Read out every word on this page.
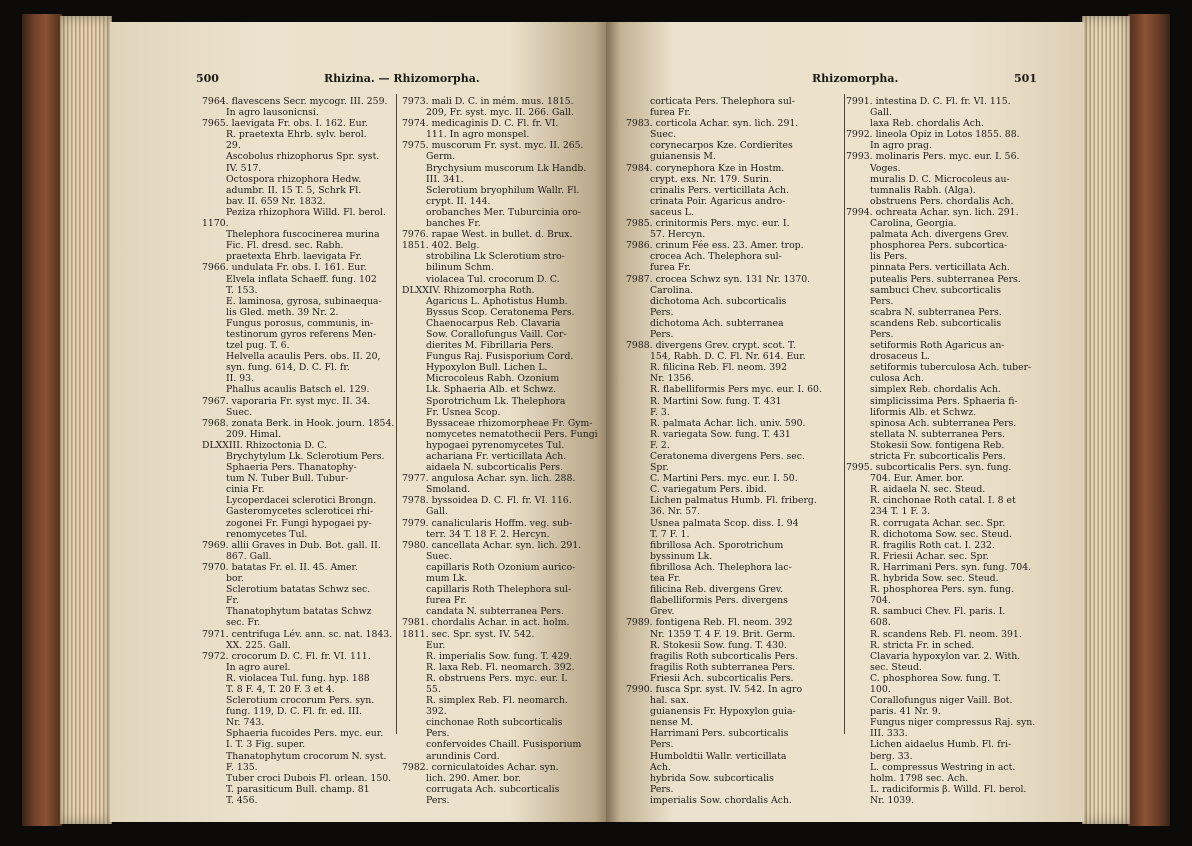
500	Rhizina. — Rhizomorpha.
7964. flavescens Secr. mycogr. III. 259.
In agro lausonicnsi.
7965. laevigata Fr. obs. I. 162. Eur.
R. praetexta Ehrb. sylv. berol.
29.
Ascobolus rhizophorus Spr. syst.
IV. 517.
Octospora rhizophora Hedw.
adumbr. II. 15 T. 5, Schrk Fl.
bav. II. 659 Nr. 1832.
Peziza rhizophora Willd. Fl. berol.
1170.
Thelephora fuscocinerea murina
Fic. Fl. dresd. sec. Rabh.
praetexta Ehrb. laevigata Fr.
7966. undulata Fr. obs. I. 161. Eur.
Elvela inflata Schaeff. fung. 102
T. 153.
E. laminosa, gyrosa, subinaequa-
lis Gled. meth. 39 Nr. 2.
Fungus porosus, communis, in-
testinorum gyros referens Men-
tzel pug. T. 6.
Helvella acaulis Pers. obs. II. 20,
syn. fung. 614, D. C. Fl. fr.
II. 93.
Phallus acaulis Batsch el. 129.
7967. vaporaria Fr. syst myc. II. 34.
Suec.
7968. zonata Berk. in Hook. journ. 1854.
209. Himal.
DLXXIII. Rhizoctonia D. C.
Brychytylum Lk. Sclerotium Pers.
Sphaeria Pers. Thanatophy-
tum N. Tuber Bull. Tubur-
cinia Fr.
Lycoperdacei sclerotici Brongn.
Gasteromycetes scleroticei rhi-
zogonei Fr. Fungi hypogaei py-
renomycetes Tul.
7969. allii Graves in Dub. Bot. gall. II.
867. Gall.
7970. batatas Fr. el. II. 45. Amer.
bor.
Sclerotium batatas Schwz sec.
Fr.
Thanatophytum batatas Schwz
sec. Fr.
7971. centrifuga Lév. ann. sc. nat. 1843.
XX. 225. Gall.
7972. crocorum D. C. Fl. fr. VI. 111.
In agro aurel.
R. violacea Tul. fung. hyp. 188
T. 8 F. 4, T. 20 F. 3 et 4.
Sclerotium crocorum Pers. syn.
fung. 119, D. C. Fl. fr. ed. III.
Nr. 743.
Sphaeria fucoides Pers. myc. eur.
I. T. 3 Fig. super.
Thanatophytum crocorum N. syst.
F. 135.
Tuber croci Dubois Fl. orlean. 150.
T. parasiticum Bull. champ. 81
T. 456.
7973. mali D. C. in mém. mus. 1815.
209, Fr. syst. myc. II. 266. Gall.
7974. medicaginis D. C. Fl. fr. VI.
111. In agro monspel.
7975. muscorum Fr. syst. myc. II. 265.
Germ.
Brychysium muscorum Lk Handb.
III. 341.
Sclerotium bryophilum Wallr. Fl.
crypt. II. 144.
orobanches Mer. Tuburcinia oro-
banches Fr.
7976. rapae West. in bullet. d. Brux.
1851. 402. Belg.
strobilina Lk Sclerotium stro-
bilinum Schm.
violacea Tul. crocorum D. C.
DLXXIV. Rhizomorpha Roth.
Agaricus L. Aphotistus Humb.
Byssus Scop. Ceratonema Pers.
Chaenocarpus Reb. Clavaria
Sow. Corallofungus Vaill. Cor-
dierites M. Fibrillaria Pers.
Fungus Raj. Fusisporium Cord.
Hypoxylon Bull. Lichen L.
Microcoleus Rabh. Ozonium
Lk. Sphaeria Alb. et Schwz.
Sporotrichum Lk. Thelephora
Fr. Usnea Scop.
Byssaceae rhizomorpheae Fr. Gym-
nomycetes nematothecii Pers. Fungi
hypogaei pyrenomycetes Tul.
achariana Fr. verticillata Ach.
aidaela N. subcorticalis Pers.
7977. angulosa Achar. syn. lich. 288.
Smoland.
7978. byssoidea D. C. Fl. fr. VI. 116.
Gall.
7979. canalicularis Hoffm. veg. sub-
terr. 34 T. 18 F. 2. Hercyn.
7980. cancellata Achar. syn. lich. 291.
Suec.
capillaris Roth Ozonium aurico-
mum Lk.
capillaris Roth Thelephora sul-
furea Fr.
candata N. subterranea Pers.
7981. chordalis Achar. in act. holm.
1811. sec. Spr. syst. IV. 542.
Eur.
R. imperialis Sow. fung. T. 429.
R. laxa Reb. Fl. neomarch. 392.
R. obstruens Pers. myc. eur. I.
55.
R. simplex Reb. Fl. neomarch.
392.
cinchonae Roth subcorticalis
Pers.
confervoides Chaill. Fusisporium
arundinis Cord.
7982. corniculatoides Achar. syn.
lich. 290. Amer. bor.
corrugata Ach. subcorticalis
Pers.
Rhizomorpha.	501
corticata Pers. Thelephora sul-
furea Fr.
7983. corticola Achar. syn. lich. 291.
Suec.
corynecarpos Kze. Cordierites
guianensis M.
7984. corynephora Kze in Hostm.
crypt. exs. Nr. 179. Surin.
crinalis Pers. verticillata Ach.
crinata Poir. Agaricus andro-
saceus L.
7985. crinitormis Pers. myc. eur. I.
57. Hercyn.
7986. crinum Fée ess. 23. Amer. trop.
crocea Ach. Thelephora sul-
furea Fr.
7987. crocea Schwz syn. 131 Nr. 1370.
Carolina.
dichotoma Ach. subcorticalis
Pers.
dichotoma Ach. subterranea
Pers.
7988. divergens Grev. crypt. scot. T.
154, Rabh. D. C. Fl. Nr. 614. Eur.
R. filicina Reb. Fl. neom. 392
Nr. 1356.
R. flabelliformis Pers myc. eur. I. 60.
R. Martini Sow. fung. T. 431
F. 3.
R. palmata Achar. lich. univ. 590.
R. variegata Sow. fung. T. 431
F. 2.
Ceratonema divergens Pers. sec.
Spr.
C. Martini Pers. myc. eur. I. 50.
C. variegatum Pers. ibid.
Lichen palmatus Humb. Fl. friberg.
36. Nr. 57.
Usnea palmata Scop. diss. I. 94
T. 7 F. 1.
fibrillosa Ach. Sporotrichum
byssinum Lk.
fibrillosa Ach. Thelephora lac-
tea Fr.
filicina Reb. divergens Grev.
flabelliformis Pers. divergens
Grev.
7989. fontigena Reb. Fl. neom. 392
Nr. 1359 T. 4 F. 19. Brit. Germ.
R. Stokesii Sow. fung. T. 430.
fragilis Roth subcorticalis Pers.
fragilis Roth subterranea Pers.
Friesii Ach. subcorticalis Pers.
7990. fusca Spr. syst. IV. 542. In agro
hal. sax.
guianensis Fr. Hypoxylon guia-
nense M.
Harrimani Pers. subcorticalis
Pers.
Humboldtii Wallr. verticillata
Ach.
hybrida Sow. subcorticalis
Pers.
imperialis Sow. chordalis Ach.
7991. intestina D. C. Fl. fr. VI. 115.
Gall.
laxa Reb. chordalis Ach.
7992. lineola Opiz in Lotos 1855. 88.
In agro prag.
7993. molinaris Pers. myc. eur. I. 56.
Voges.
muralis D. C. Microcoleus au-
tumnalis Rabh. (Alga).
obstruens Pers. chordalis Ach.
7994. ochreata Achar. syn. lich. 291.
Carolina, Georgia.
palmata Ach. divergens Grev.
phosphorea Pers. subcortica-
lis Pers.
pinnata Pers. verticillata Ach.
putealis Pers. subterranea Pers.
sambuci Chev. subcorticalis
Pers.
scabra N. subterranea Pers.
scandens Reb. subcorticalis
Pers.
setiformis Roth Agaricus an-
drosaceus L.
setiformis tuberculosa Ach. tuber-
culosa Ach.
simplex Reb. chordalis Ach.
simplicissima Pers. Sphaeria fi-
liformis Alb. et Schwz.
spinosa Ach. subterranea Pers.
stellata N. subterranea Pers.
Stokesii Sow. fontigena Reb.
stricta Fr. subcorticalis Pers.
7995. subcorticalis Pers. syn. fung.
704. Eur. Amer. bor.
R. aidaela N. sec. Steud.
R. cinchonae Roth catal. I. 8 et
234 T. 1 F. 3.
R. corrugata Achar. sec. Spr.
R. dichotoma Sow. sec. Steud.
R. fragilis Roth cat. I. 232.
R. Friesii Achar. sec. Spr.
R. Harrimani Pers. syn. fung. 704.
R. hybrida Sow. sec. Steud.
R. phosphorea Pers. syn. fung.
704.
R. sambuci Chev. Fl. paris. I.
608.
R. scandens Reb. Fl. neom. 391.
R. stricta Fr. in sched.
Clavaria hypoxylon var. 2. With.
sec. Steud.
C. phosphorea Sow. fung. T.
100.
Corallofungus niger Vaill. Bot.
paris. 41 Nr. 9.
Fungus niger compressus Raj. syn.
III. 333.
Lichen aidaelus Humb. Fl. fri-
berg. 33.
L. compressus Westring in act.
holm. 1798 sec. Ach.
L. radiciformis β. Willd. Fl. berol.
Nr. 1039.
